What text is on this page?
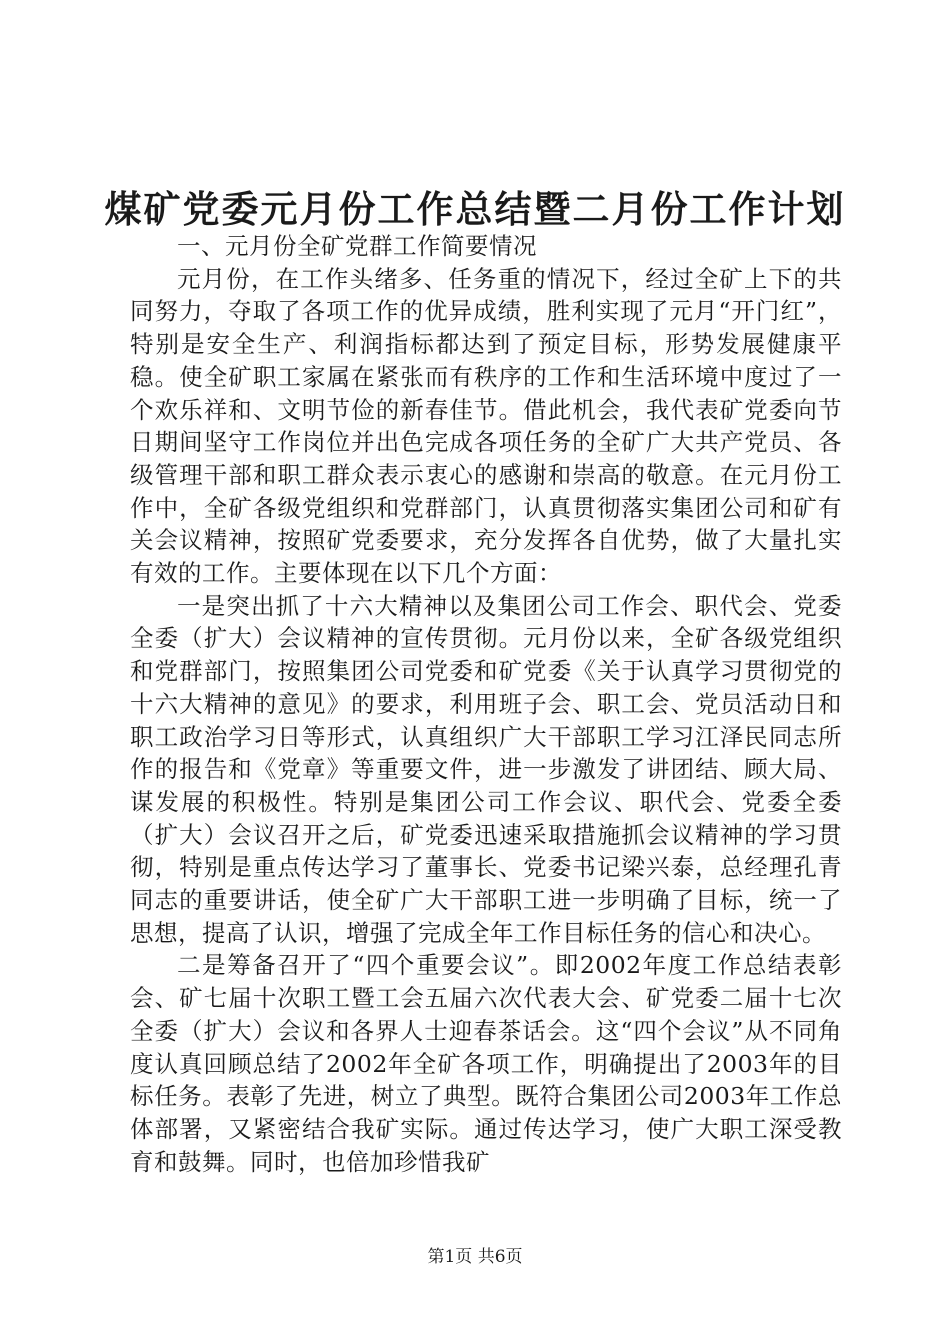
煤矿党委元月份工作总结暨二月份工作计划

一、元月份全矿党群工作简要情况

元月份，在工作头绪多、任务重的情况下，经过全矿上下的共同努力，夺取了各项工作的优异成绩，胜利实现了元月“开门红”，特别是安全生产、利润指标都达到了预定目标，形势发展健康平稳。使全矿职工家属在紧张而有秩序的工作和生活环境中度过了一个欢乐祥和、文明节俭的新春佳节。借此机会，我代表矿党委向节日期间坚守工作岗位并出色完成各项任务的全矿广大共产党员、各级管理干部和职工群众表示衷心的感谢和崇高的敬意。在元月份工作中，全矿各级党组织和党群部门，认真贯彻落实集团公司和矿有关会议精神，按照矿党委要求，充分发挥各自优势，做了大量扎实有效的工作。主要体现在以下几个方面：

一是突出抓了十六大精神以及集团公司工作会、职代会、党委全委（扩大）会议精神的宣传贯彻。元月份以来，全矿各级党组织和党群部门，按照集团公司党委和矿党委《关于认真学习贯彻党的十六大精神的意见》的要求，利用班子会、职工会、党员活动日和职工政治学习日等形式，认真组织广大干部职工学习江泽民同志所作的报告和《党章》等重要文件，进一步激发了讲团结、顾大局、谋发展的积极性。特别是集团公司工作会议、职代会、党委全委（扩大）会议召开之后，矿党委迅速采取措施抓会议精神的学习贯彻，特别是重点传达学习了董事长、党委书记梁兴泰，总经理孔青同志的重要讲话，使全矿广大干部职工进一步明确了目标，统一了思想，提高了认识，增强了完成全年工作目标任务的信心和决心。

二是筹备召开了“四个重要会议”。即2002年度工作总结表彰会、矿七届十次职工暨工会五届六次代表大会、矿党委二届十七次全委（扩大）会议和各界人士迎春茶话会。这“四个会议”从不同角度认真回顾总结了2002年全矿各项工作，明确提出了2003年的目标任务。表彰了先进，树立了典型。既符合集团公司2003年工作总体部署，又紧密结合我矿实际。通过传达学习，使广大职工深受教育和鼓舞。同时，也倍加珍惜我矿

第1页 共6页
